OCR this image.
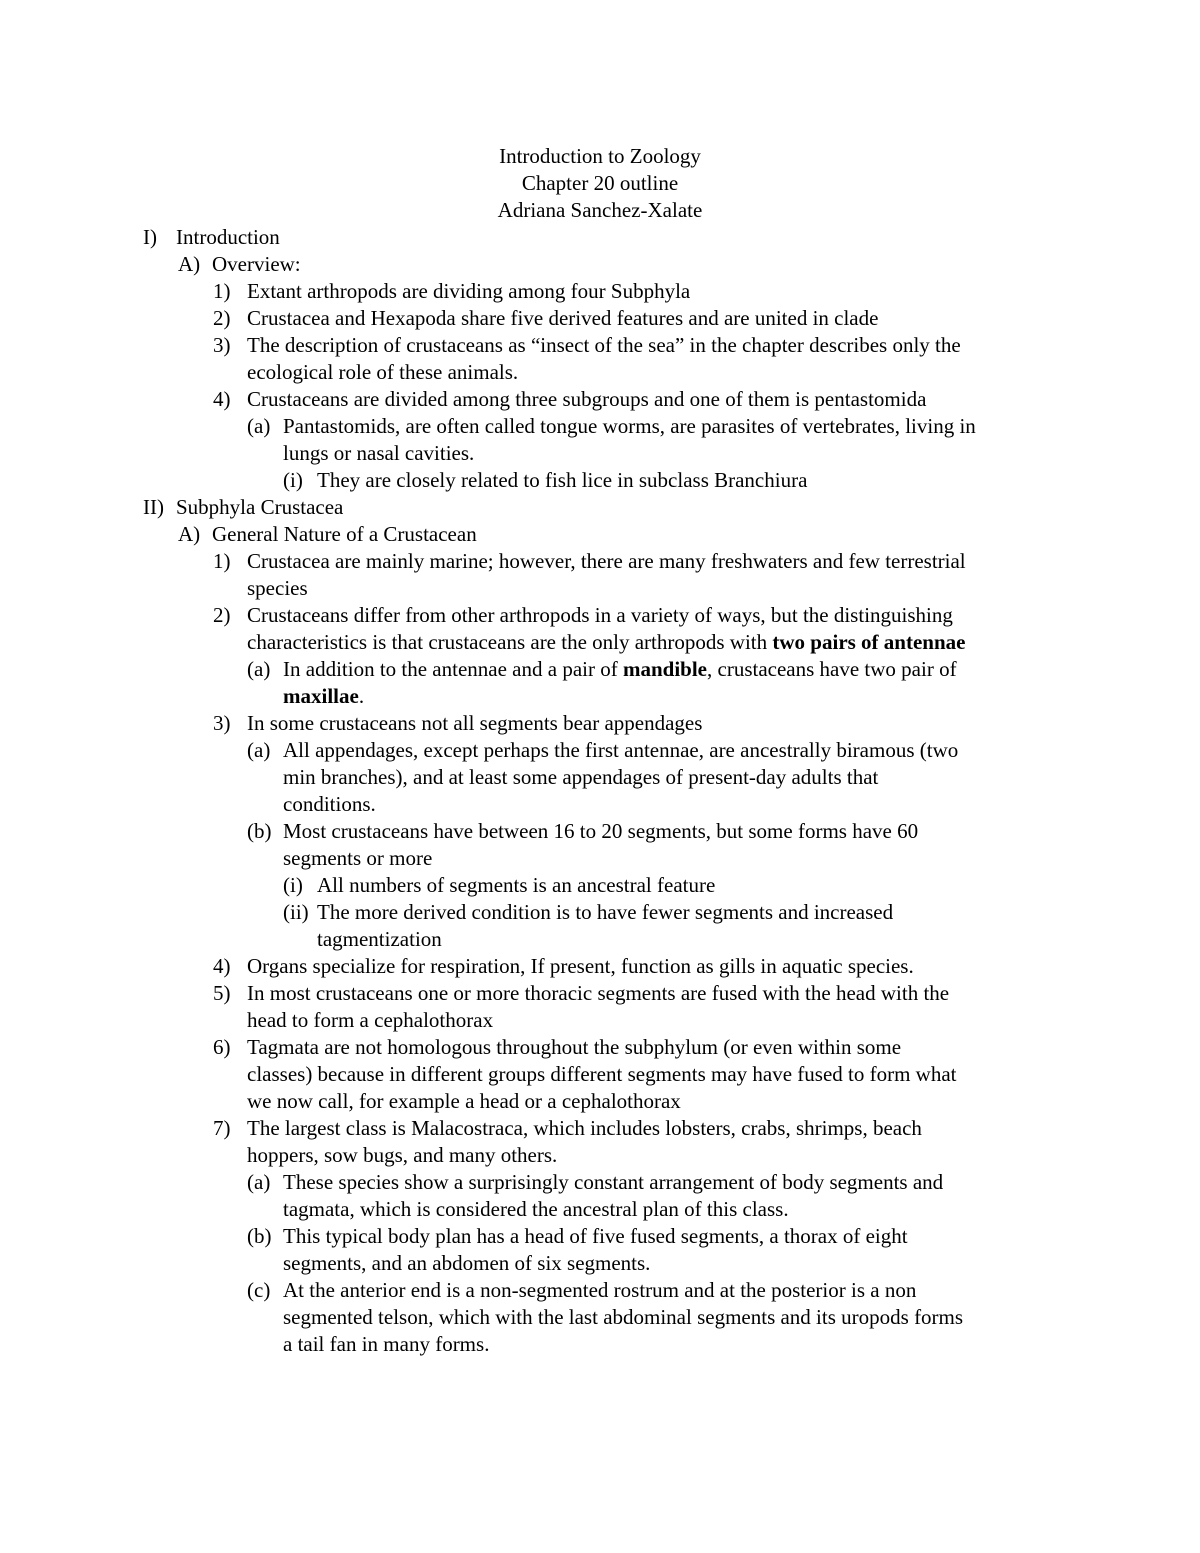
Introduction to Zoology
Chapter 20 outline
Adriana Sanchez-Xalate
I) Introduction
A) Overview:
1) Extant arthropods are dividing among four Subphyla
2) Crustacea and Hexapoda share five derived features and are united in clade
3) The description of crustaceans as “insect of the sea” in the chapter describes only the
ecological role of these animals.
4) Crustaceans are divided among three subgroups and one of them is pentastomida
(a) Pantastomids, are often called tongue worms, are parasites of vertebrates, living in
lungs or nasal cavities.
(i) They are closely related to fish lice in subclass Branchiura
II) Subphyla Crustacea
A) General Nature of a Crustacean
1) Crustacea are mainly marine; however, there are many freshwaters and few terrestrial
species
2) Crustaceans differ from other arthropods in a variety of ways, but the distinguishing
characteristics is that crustaceans are the only arthropods with two pairs of antennae
(a) In addition to the antennae and a pair of mandible, crustaceans have two pair of
maxillae.
3) In some crustaceans not all segments bear appendages
(a) All appendages, except perhaps the first antennae, are ancestrally biramous (two
min branches), and at least some appendages of present-day adults that
conditions.
(b) Most crustaceans have between 16 to 20 segments, but some forms have 60
segments or more
(i) All numbers of segments is an ancestral feature
(ii) The more derived condition is to have fewer segments and increased
tagmentization
4) Organs specialize for respiration, If present, function as gills in aquatic species.
5) In most crustaceans one or more thoracic segments are fused with the head with the
head to form a cephalothorax
6) Tagmata are not homologous throughout the subphylum (or even within some
classes) because in different groups different segments may have fused to form what
we now call, for example a head or a cephalothorax
7) The largest class is Malacostraca, which includes lobsters, crabs, shrimps, beach
hoppers, sow bugs, and many others.
(a) These species show a surprisingly constant arrangement of body segments and
tagmata, which is considered the ancestral plan of this class.
(b) This typical body plan has a head of five fused segments, a thorax of eight
segments, and an abdomen of six segments.
(c) At the anterior end is a non-segmented rostrum and at the posterior is a non
segmented telson, which with the last abdominal segments and its uropods forms
a tail fan in many forms.
